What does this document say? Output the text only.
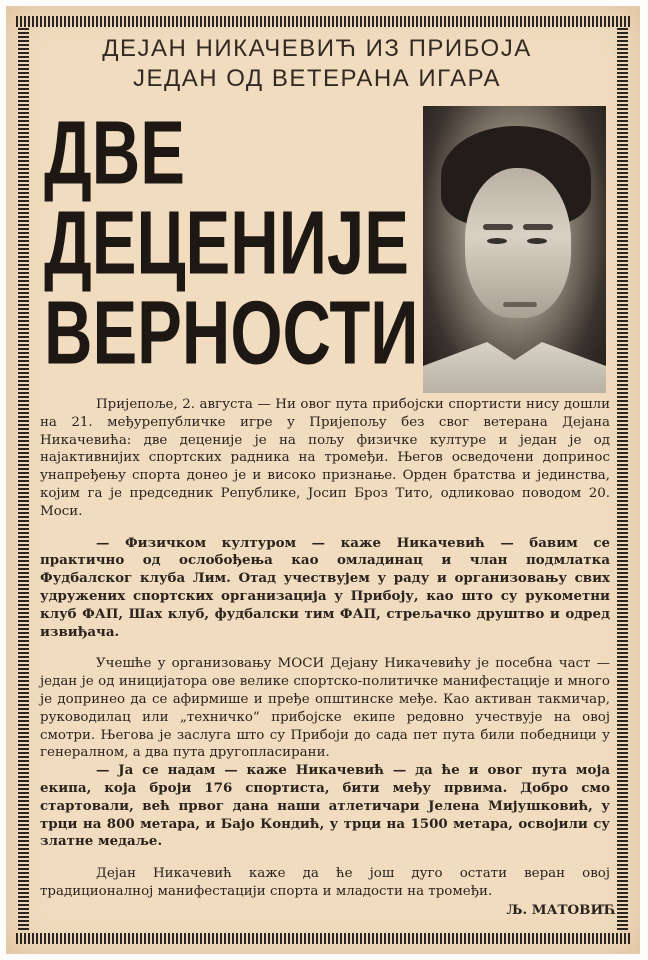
ДЕЈАН НИКАЧЕВИЋ ИЗ ПРИБОЈА
ЈЕДАН ОД ВЕТЕРАНА ИГАРА
ДВЕ
ДЕЦЕНИЈЕ
ВЕРНОСТИ

Пријепоље, 2. августа — Ни овог пута прибојски спортисти нису дошли на 21. међурепубличке игре у Пријепољу без свог ветерана Дејана Никачевића: две деценије је на пољу физичке културе и један је од најактивнијих спортских радника на тромеђи. Његов осведочени допринос унапређењу спорта донео је и високо признање. Орден братства и јединства, којим га је председник Републике, Јосип Броз Тито, одликовао поводом 20. Моси.

— Физичком културом — каже Никачевић — бавим се практично од ослобођења као омладинац и члан подмлатка Фудбалског клуба Лим. Отад учествујем у раду и организовању свих удружених спортских организација у Прибоју, као што су рукометни клуб ФАП, Шах клуб, фудбалски тим ФАП, стрељачко друштво и одред извиђача.

Учешће у организовању МОСИ Дејану Никачевићу је посебна част — један је од иницијатора ове велике спортско-политичке манифестације и много је допринео да се афирмише и пређе општинске међе. Као активан такмичар, руководилац или „техничко“ прибојске екипе редовно учествује на овој смотри. Његова је заслуга што су Прибоји до сада пет пута били победници у генералном, а два пута другопласирани.

— Ја се надам — каже Никачевић — да ће и овог пута моја екипа, која броји 176 спортиста, бити међу првима. Добро смо стартовали, већ првог дана наши атлетичари Јелена Мијушковић, у трци на 800 метара, и Бајо Кондић, у трци на 1500 метара, освојили су златне медаље.

Дејан Никачевић каже да ће још дуго остати веран овој традиционалној манифестацији спорта и младости на тромеђи.

Љ. МАТОВИЋ
